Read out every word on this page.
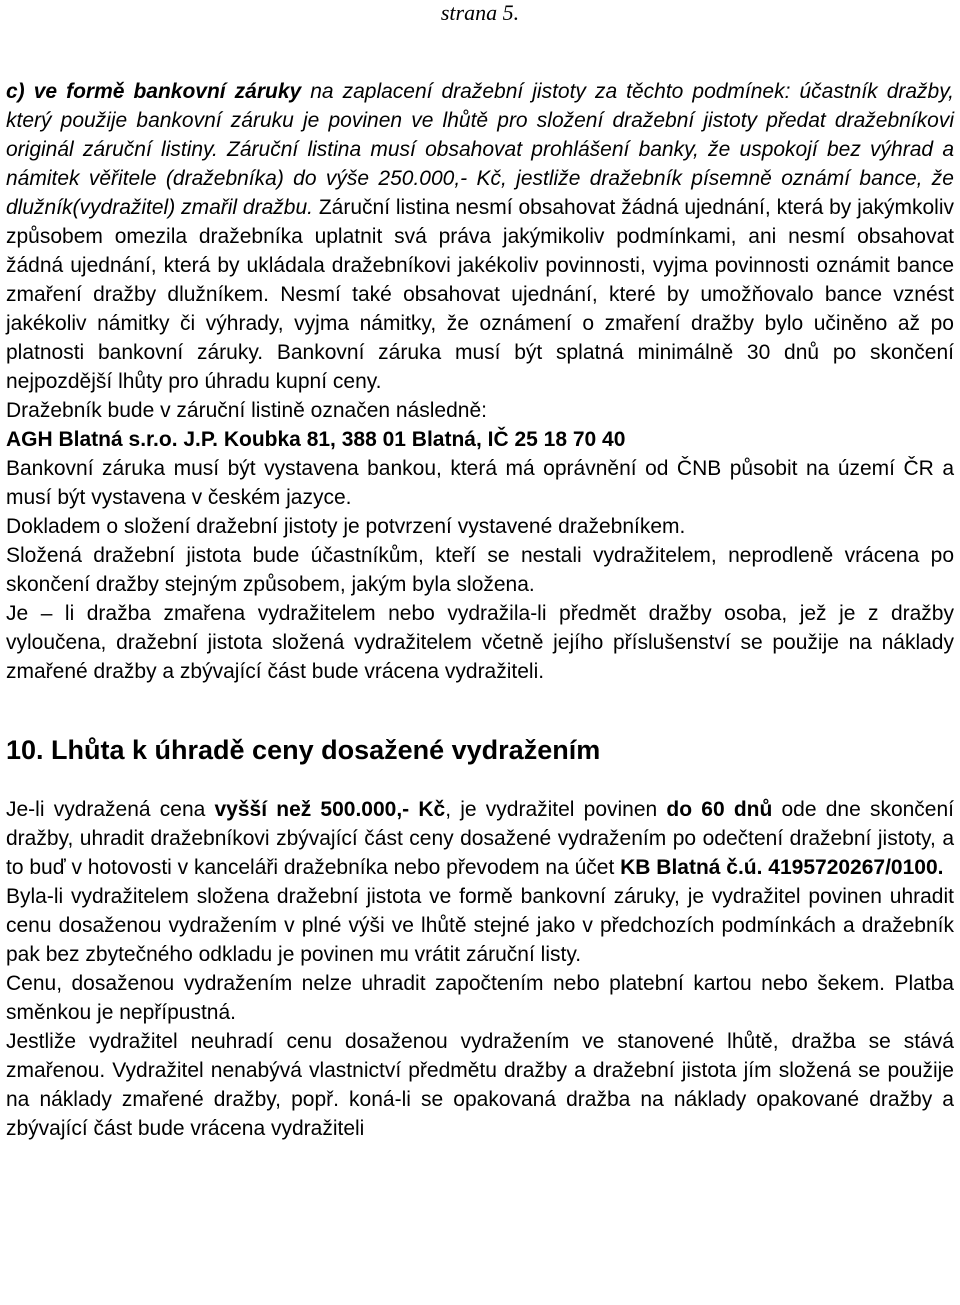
strana 5.

c) ve formě bankovní záruky na zaplacení dražební jistoty za těchto podmínek: účastník dražby, který použije bankovní záruku je povinen ve lhůtě pro složení dražební jistoty předat dražebníkovi originál záruční listiny. Záruční listina musí obsahovat prohlášení banky, že uspokojí bez výhrad a námitek věřitele (dražebníka) do výše 250.000,- Kč, jestliže dražebník písemně oznámí bance, že dlužník(vydražitel) zmařil dražbu. Záruční listina nesmí obsahovat žádná ujednání, která by jakýmkoliv způsobem omezila dražebníka uplatnit svá práva jakýmikoliv podmínkami, ani nesmí obsahovat žádná ujednání, která by ukládala dražebníkovi jakékoliv povinnosti, vyjma povinnosti oznámit bance zmaření dražby dlužníkem. Nesmí také obsahovat ujednání, které by umožňovalo bance vznést jakékoliv námitky či výhrady, vyjma námitky, že oznámení o zmaření dražby bylo učiněno až po platnosti bankovní záruky. Bankovní záruka musí být splatná minimálně 30 dnů po skončení nejpozdější lhůty pro úhradu kupní ceny.

Dražebník bude v záruční listině označen následně:

AGH Blatná s.r.o. J.P. Koubka 81, 388 01 Blatná, IČ 25 18 70 40

Bankovní záruka musí být vystavena bankou, která má oprávnění od ČNB působit na území ČR a musí být vystavena v českém jazyce.

Dokladem o složení dražební jistoty je potvrzení vystavené dražebníkem.

Složená dražební jistota bude účastníkům, kteří se nestali vydražitelem, neprodleně vrácena po skončení dražby stejným způsobem, jakým byla složena.

Je – li dražba zmařena vydražitelem nebo vydražila-li předmět dražby osoba, jež je z dražby vyloučena, dražební jistota složená vydražitelem včetně jejího příslušenství se použije na náklady zmařené dražby a zbývající část bude vrácena vydražiteli.

10. Lhůta k úhradě ceny dosažené vydražením

Je-li vydražená cena vyšší než 500.000,- Kč, je vydražitel povinen do 60 dnů ode dne skončení dražby, uhradit dražebníkovi zbývající část ceny dosažené vydražením po odečtení dražební jistoty, a to buď v hotovosti v kanceláři dražebníka nebo převodem na účet KB Blatná č.ú. 4195720267/0100.

Byla-li vydražitelem složena dražební jistota ve formě bankovní záruky, je vydražitel povinen uhradit cenu dosaženou vydražením v plné výši ve lhůtě stejné jako v předchozích podmínkách a dražebník pak bez zbytečného odkladu je povinen mu vrátit záruční listy.

Cenu, dosaženou vydražením nelze uhradit započtením nebo platební kartou nebo šekem. Platba směnkou je nepřípustná.

Jestliže vydražitel neuhradí cenu dosaženou vydražením ve stanovené lhůtě, dražba se stává zmařenou. Vydražitel nenabývá vlastnictví předmětu dražby a dražební jistota jím složená se použije na náklady zmařené dražby, popř. koná-li se opakovaná dražba na náklady opakované dražby a zbývající část bude vrácena vydražiteli
